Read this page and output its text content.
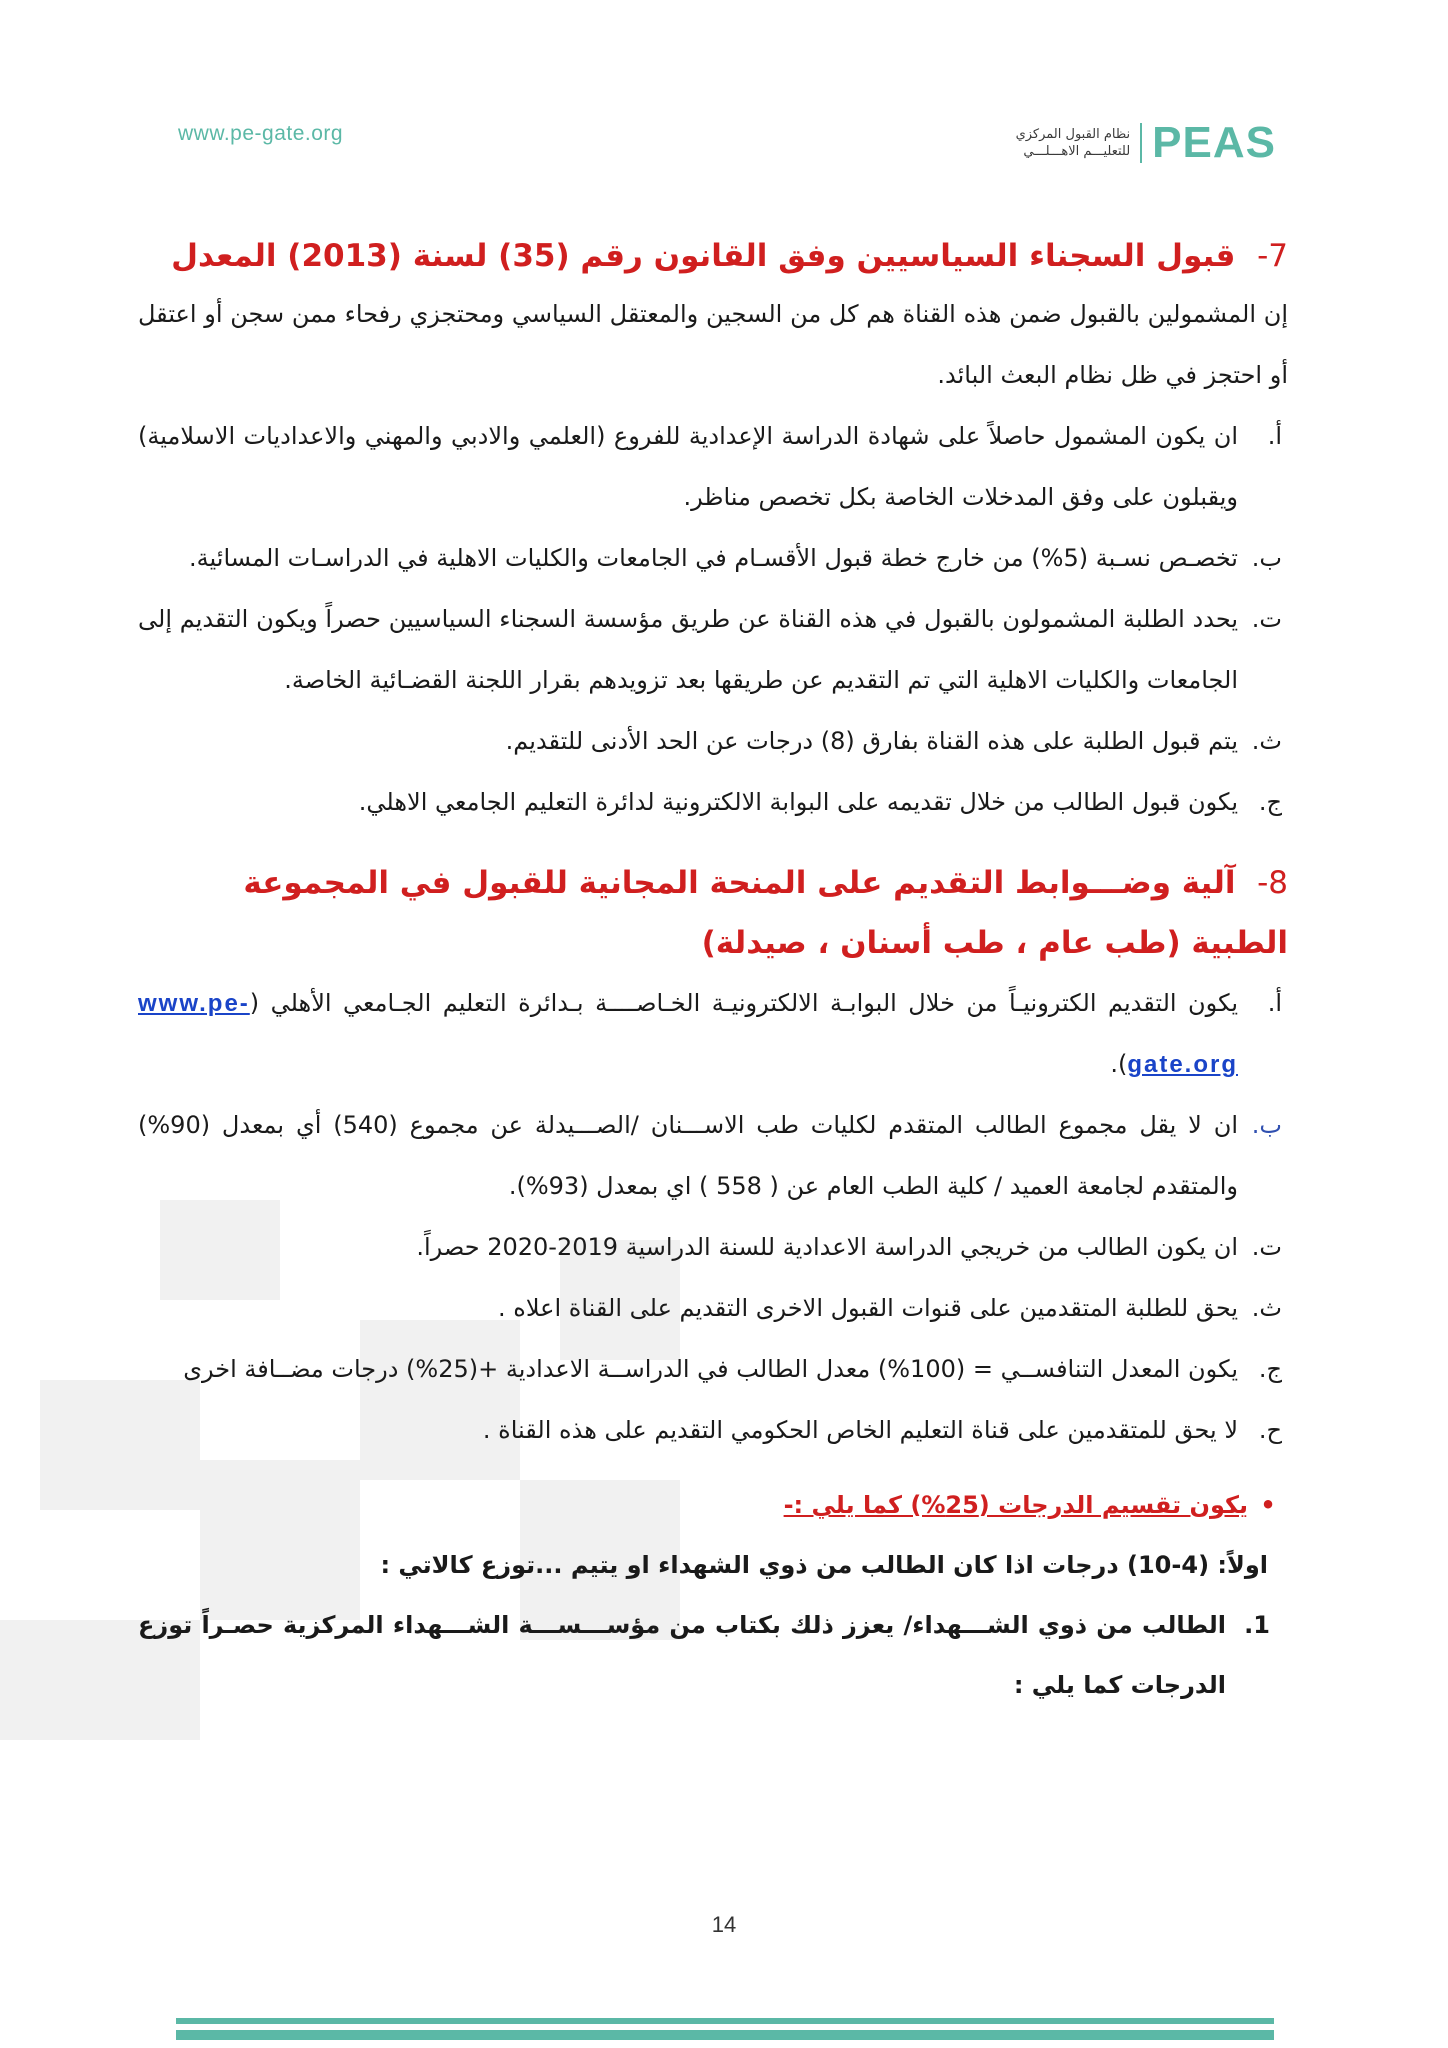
www.pe-gate.org	نظام القبول المركزي
للتعليـــم الاهـــلـــي PEAS
7-  قبول السجناء السياسيين وفق القانون رقم (35) لسنة (2013) المعدل

إن المشمولين بالقبول ضمن هذه القناة هم كل من السجين والمعتقل السياسي ومحتجزي رفحاء ممن سجن أو اعتقل أو احتجز في ظل نظام البعث البائد.

أ.
ان يكون المشمول حاصلاً على شهادة الدراسة الإعدادية للفروع (العلمي والادبي والمهني والاعداديات الاسلامية) ويقبلون على وفق المدخلات الخاصة بكل تخصص مناظر.
ب.
تخصـص نسـبة (5%) من خارج خطة قبول الأقسـام في الجامعات والكليات الاهلية في الدراسـات المسائية.
ت.
يحدد الطلبة المشمولون بالقبول في هذه القناة عن طريق مؤسسة السجناء السياسيين حصراً ويكون التقديم إلى الجامعات والكليات الاهلية التي تم التقديم عن طريقها بعد تزويدهم بقرار اللجنة القضـائية الخاصة.
ث.
يتم قبول الطلبة على هذه القناة بفارق (8) درجات عن الحد الأدنى للتقديم.
ج.
يكون قبول الطالب من خلال تقديمه على البوابة الالكترونية لدائرة التعليم الجامعي الاهلي.
8-  آلية وضـــوابط التقديم على المنحة المجانية للقبول في المجموعة الطبية (طب عام ، طب أسنان ، صيدلة)
أ.
يكون التقديم الكترونيـاً من خلال البوابـة الالكترونيـة الخـاصــــة بـدائرة التعليم الجـامعي الأهلي (www.pe-gate.org).
ب.
ان لا يقل مجموع الطالب المتقدم لكليات طب الاســـنان /الصـــيدلة عن مجموع (540) أي بمعدل (90%) والمتقدم لجامعة العميد / كلية الطب العام عن ( 558 ) اي بمعدل (93%).
ت.
ان يكون الطالب من خريجي الدراسة الاعدادية للسنة الدراسية 2019-2020 حصراً.
ث.
يحق للطلبة المتقدمين على قنوات القبول الاخرى التقديم على القناة اعلاه .
ج.
يكون المعدل التنافســي = (100%) معدل الطالب في الدراســة الاعدادية +(25%) درجات مضــافة اخرى
ح.
لا يحق للمتقدمين على قناة التعليم الخاص الحكومي التقديم على هذه القناة .
•
يكون تقسيم الدرجات (25%) كما يلي :-

اولاً: (4-10) درجات اذا كان الطالب من ذوي الشهداء او يتيم ...توزع كالاتي :

1.
الطالب من ذوي الشـــهداء/ يعزز ذلك بكتاب من مؤســـســـة الشـــهداء المركزية حصـراً توزع الدرجات كما يلي :
14
